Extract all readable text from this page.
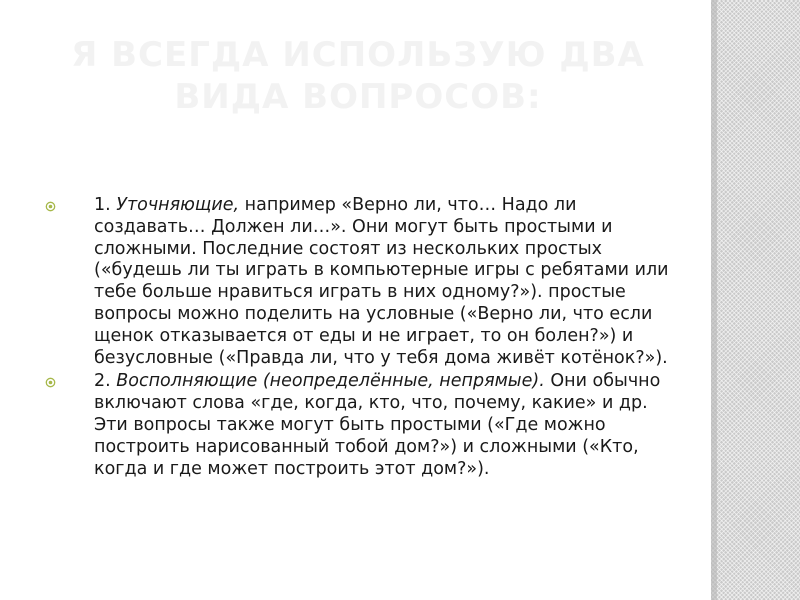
Я ВСЕГДА ИСПОЛЬЗУЮ ДВА
ВИДА ВОПРОСОВ:
1. Уточняющие, например «Верно ли, что… Надо ли создавать… Должен ли…». Они могут быть простыми и сложными. Последние состоят из нескольких простых («будешь ли ты играть в компьютерные игры с ребятами или тебе больше нравиться играть в них одному?»). простые вопросы можно поделить на условные («Верно ли, что если щенок отказывается от еды и не играет, то он болен?») и безусловные («Правда ли, что у тебя дома живёт котёнок?»).
2. Восполняющие (неопределённые, непрямые). Они обычно включают слова «где, когда, кто, что, почему, какие» и др. Эти вопросы также могут быть простыми («Где можно построить нарисованный тобой дом?») и сложными («Кто, когда и где может построить этот дом?»).
